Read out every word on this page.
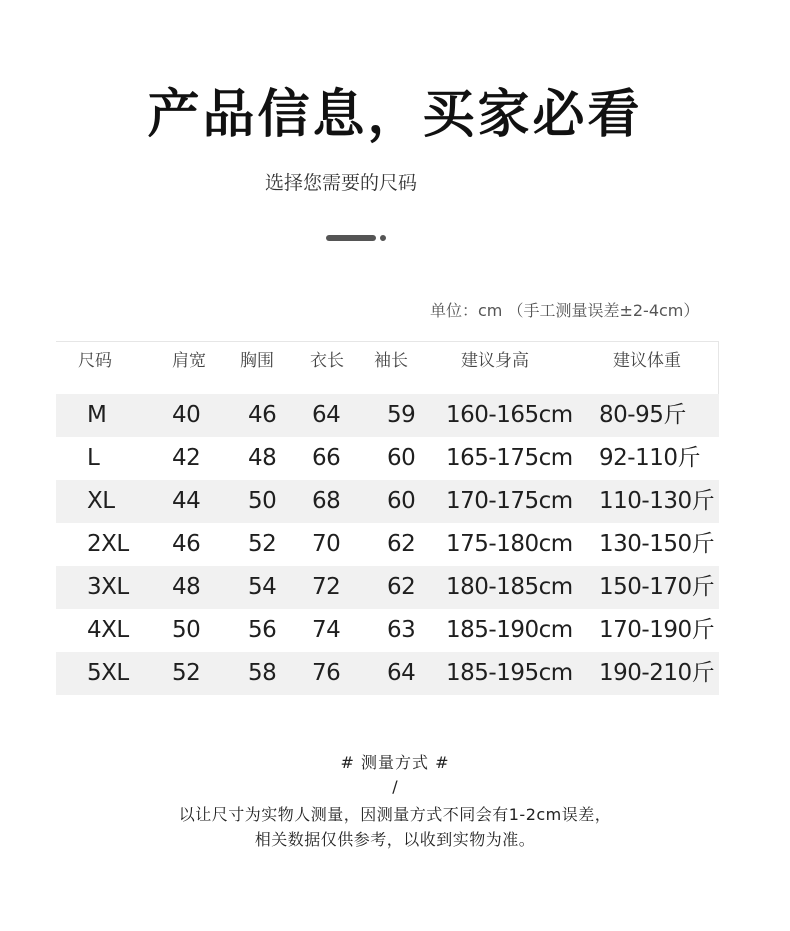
产品信息，买家必看
选择您需要的尺码
单位：cm （手工测量误差±2-4cm）
尺码	肩宽 胸围 衣长 袖长	建议身高	建议体重
M	40 46 64 59 160-165cm 80-95斤
L	42 48 66 60 165-175cm 92-110斤
XL 44 50 68 60 170-175cm 110-130斤
2XL 46 52 70 62 175-180cm 130-150斤
3XL 48 54 72 62 180-185cm 150-170斤
4XL 50 56 74 63 185-190cm 170-190斤
5XL 52 58 76 64 185-195cm 190-210斤
# 测量方式 #
/
以让尺寸为实物人测量，因测量方式不同会有1-2cm误差，
相关数据仅供参考，以收到实物为准。
